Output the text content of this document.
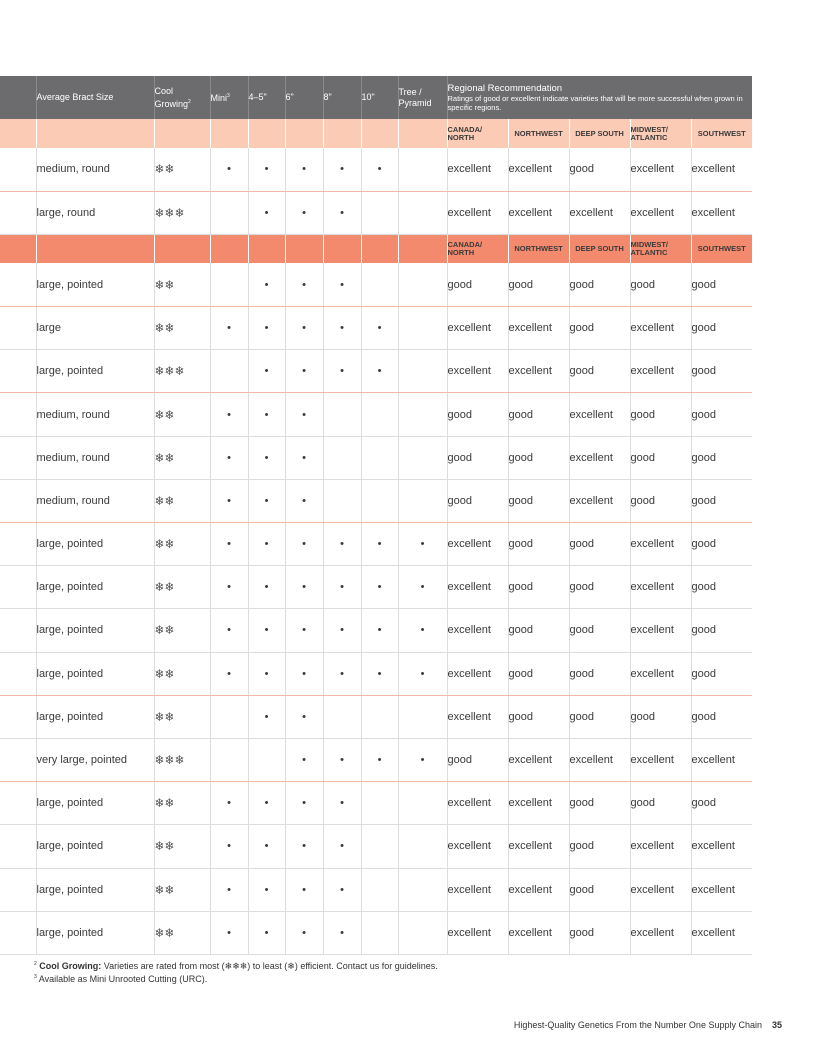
	Average Bract Size	Cool Growing$^2$	Mini$^3$	4–5"	6"	8"	10"	Tree / Pyramid	Regional Recommendation
Ratings of good or excellent indicate varieties that will be more successful when grown in specific regions.				

									CANADA/ NORTH	NORTHWEST	DEEP SOUTH	MIDWEST/ ATLANTIC	SOUTHWEST
	medium, round	❄❄	•	•	•	•	•		excellent	excellent	good	excellent	excellent
	large, round	❄❄❄		•	•	•			excellent	excellent	excellent	excellent	excellent
									CANADA/ NORTH	NORTHWEST	DEEP SOUTH	MIDWEST/ ATLANTIC	SOUTHWEST
	large, pointed	❄❄		•	•	•			good	good	good	good	good
	large	❄❄	•	•	•	•	•		excellent	excellent	good	excellent	good
	large, pointed	❄❄❄		•	•	•	•		excellent	excellent	good	excellent	good
	medium, round	❄❄	•	•	•				good	good	excellent	good	good
	medium, round	❄❄	•	•	•				good	good	excellent	good	good
	medium, round	❄❄	•	•	•				good	good	excellent	good	good
	large, pointed	❄❄	•	•	•	•	•	•	excellent	good	good	excellent	good
	large, pointed	❄❄	•	•	•	•	•	•	excellent	good	good	excellent	good
	large, pointed	❄❄	•	•	•	•	•	•	excellent	good	good	excellent	good
	large, pointed	❄❄	•	•	•	•	•	•	excellent	good	good	excellent	good
	large, pointed	❄❄		•	•				excellent	good	good	good	good
	very large, pointed	❄❄❄			•	•	•	•	good	excellent	excellent	excellent	excellent
	large, pointed	❄❄	•	•	•	•			excellent	excellent	good	good	good
	large, pointed	❄❄	•	•	•	•			excellent	excellent	good	excellent	excellent
	large, pointed	❄❄	•	•	•	•			excellent	excellent	good	excellent	excellent
	large, pointed	❄❄	•	•	•	•			excellent	excellent	good	excellent	excellent
$^2$ Cool Growing: Varieties are rated from most (❄❄❄) to least (❄) efficient. Contact us for guidelines.
$^3$ Available as Mini Unrooted Cutting (URC).
Highest-Quality Genetics From the Number One Supply Chain 35
